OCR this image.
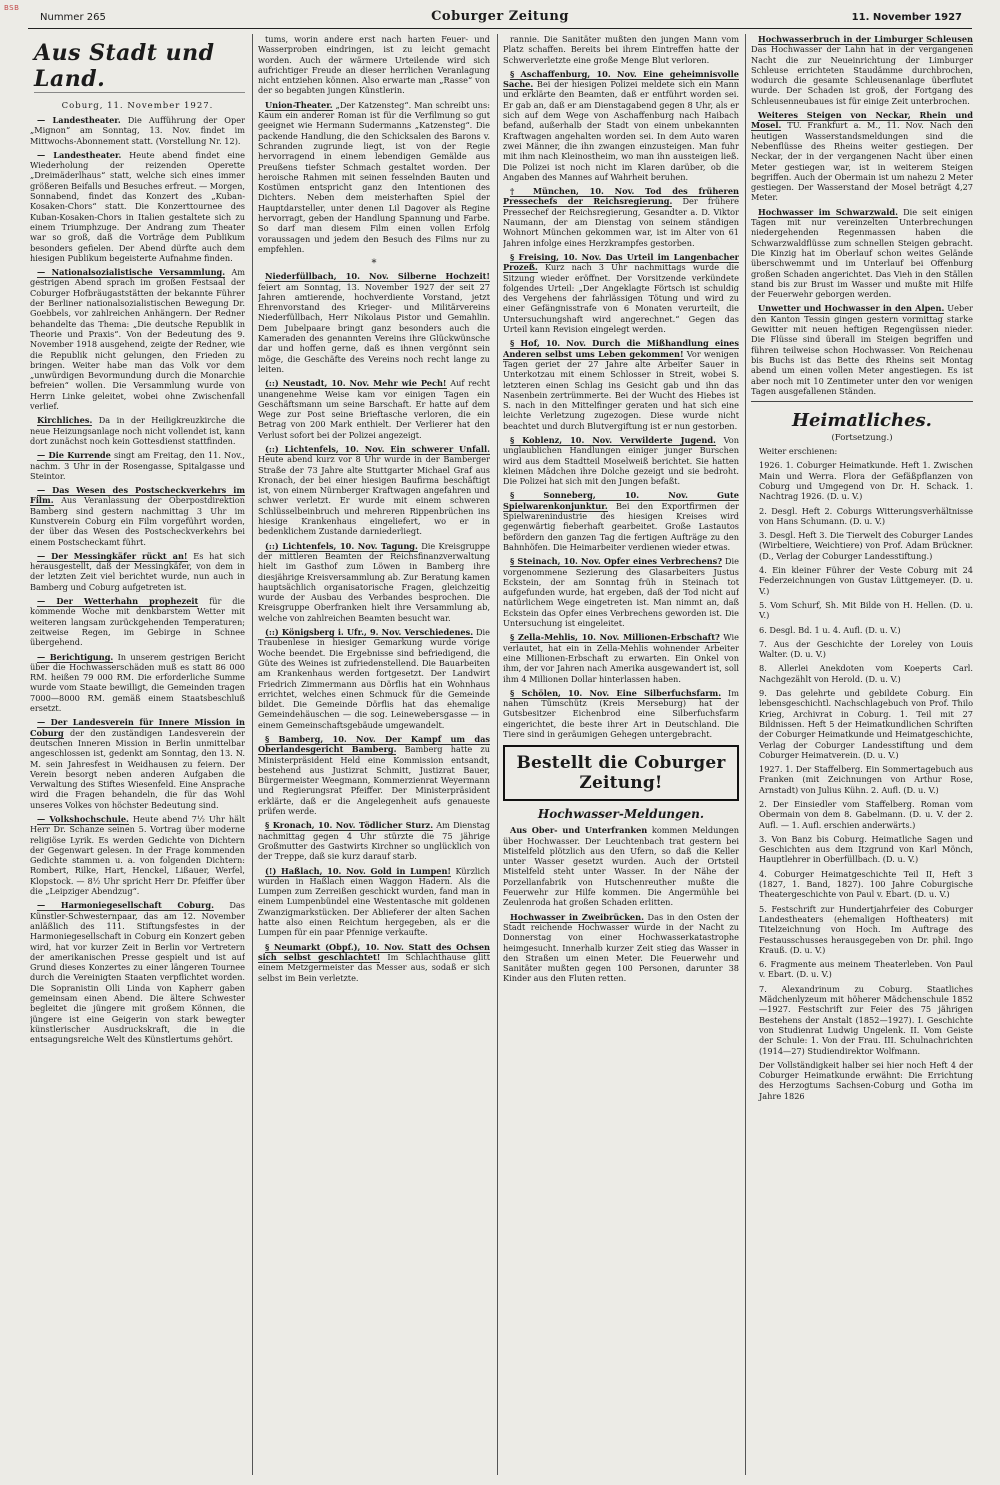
BSB
Nummer 265	Coburger Zeitung	11. November 1927
Aus Stadt und Land.
Coburg, 11. November 1927.

— Landestheater. Die Aufführung der Oper „Mignon“ am Sonntag, 13. Nov. findet im Mittwochs-Abonnement statt. (Vorstellung Nr. 12).

— Landestheater. Heute abend findet eine Wiederholung der reizenden Operette „Dreimäderlhaus“ statt, welche sich eines immer größeren Beifalls und Besuches erfreut. — Morgen, Sonnabend, findet das Konzert des „Kuban-Kosaken-Chors“ statt. Die Konzerttournee des Kuban-Kosaken-Chors in Italien gestaltete sich zu einem Triumphzuge. Der Andrang zum Theater war so groß, daß die Vorträge dem Publikum besonders gefielen. Der Abend dürfte auch dem hiesigen Publikum begeisterte Aufnahme finden.

— Nationalsozialistische Versammlung. Am gestrigen Abend sprach im großen Festsaal der Coburger Hofbräugaststätten der bekannte Führer der Berliner nationalsozialistischen Bewegung Dr. Goebbels, vor zahlreichen Anhängern. Der Redner behandelte das Thema: „Die deutsche Republik in Theorie und Praxis“. Von der Bedeutung des 9. November 1918 ausgehend, zeigte der Redner, wie die Republik nicht gelungen, den Frieden zu bringen. Weiter habe man das Volk vor dem „unwürdigen Bevormundung durch die Monarchie befreien“ wollen. Die Versammlung wurde von Herrn Linke geleitet, wobei ohne Zwischenfall verlief.

Kirchliches. Da in der Heiligkreuzkirche die neue Heizungsanlage noch nicht vollendet ist, kann dort zunächst noch kein Gottesdienst stattfinden.

— Die Kurrende singt am Freitag, den 11. Nov., nachm. 3 Uhr in der Rosengasse, Spitalgasse und Steintor.

— Das Wesen des Postscheckverkehrs im Film. Aus Veranlassung der Oberpostdirektion Bamberg sind gestern nachmittag 3 Uhr im Kunstverein Coburg ein Film vorgeführt worden, der über das Wesen des Postscheckverkehrs bei einem Postscheckamt führt.

— Der Messingkäfer rückt an! Es hat sich herausgestellt, daß der Messingkäfer, von dem in der letzten Zeit viel berichtet wurde, nun auch in Bamberg und Coburg aufgetreten ist.

— Der Wetterhahn prophezeit für die kommende Woche mit denkbarstem Wetter mit weiteren langsam zurückgehenden Temperaturen; zeitweise Regen, im Gebirge in Schnee übergehend.

— Berichtigung. In unserem gestrigen Bericht über die Hochwasserschäden muß es statt 86 000 RM. heißen 79 000 RM. Die erforderliche Summe wurde vom Staate bewilligt, die Gemeinden tragen 7000—8000 RM. gemäß einem Staatsbeschluß ersetzt.

— Der Landesverein für Innere Mission in Coburg der den zuständigen Landesverein der deutschen Inneren Mission in Berlin unmittelbar angeschlossen ist, gedenkt am Sonntag, den 13. N. M. sein Jahresfest in Weidhausen zu feiern. Der Verein besorgt neben anderen Aufgaben die Verwaltung des Stiftes Wiesenfeld. Eine Ansprache wird die Fragen behandeln, die für das Wohl unseres Volkes von höchster Bedeutung sind.

— Volkshochschule. Heute abend 7½ Uhr hält Herr Dr. Schanze seinen 5. Vortrag über moderne religiöse Lyrik. Es werden Gedichte von Dichtern der Gegenwart gelesen. In der Frage kommenden Gedichte stammen u. a. von folgenden Dichtern: Rombert, Rilke, Hart, Henckel, Lißauer, Werfel, Klopstock. — 8½ Uhr spricht Herr Dr. Pfeiffer über die „Leipziger Abendzug“.

— Harmoniegesellschaft Coburg. Das Künstler-Schwesternpaar, das am 12. November anläßlich des 111. Stiftungsfestes in der Harmoniegesellschaft in Coburg ein Konzert geben wird, hat vor kurzer Zeit in Berlin vor Vertretern der amerikanischen Presse gespielt und ist auf Grund dieses Konzertes zu einer längeren Tournee durch die Vereinigten Staaten verpflichtet worden. Die Sopranistin Olli Linda von Kapherr gaben gemeinsam einen Abend. Die ältere Schwester begleitet die jüngere mit großem Können, die jüngere ist eine Geigerin von stark bewegter künstlerischer Ausdruckskraft, die in die entsagungsreiche Welt des Künstlertums gehört.

tums, worin andere erst nach harten Feuer- und Wasserproben eindringen, ist zu leicht gemacht worden. Auch der wärmere Urteilende wird sich aufrichtiger Freude an dieser herrlichen Veranlagung nicht entziehen können. Also erwarte man „Rasse“ von der so begabten jungen Künstlerin.

Union-Theater. „Der Katzensteg“. Man schreibt uns: Kaum ein anderer Roman ist für die Verfilmung so gut geeignet wie Hermann Sudermanns „Katzensteg“. Die packende Handlung, die den Schicksalen des Barons v. Schranden zugrunde liegt, ist von der Regie hervorragend in einem lebendigen Gemälde aus Preußens tiefster Schmach gestaltet worden. Der heroische Rahmen mit seinen fesselnden Bauten und Kostümen entspricht ganz den Intentionen des Dichters. Neben dem meisterhaften Spiel der Hauptdarsteller, unter denen Lil Dagover als Regine hervorragt, geben der Handlung Spannung und Farbe. So darf man diesem Film einen vollen Erfolg voraussagen und jedem den Besuch des Films nur zu empfehlen.

*

Niederfüllbach, 10. Nov. Silberne Hochzeit! feiert am Sonntag, 13. November 1927 der seit 27 Jahren amtierende, hochverdiente Vorstand, jetzt Ehrenvorstand des Krieger- und Militärvereins Niederfüllbach, Herr Nikolaus Pistor und Gemahlin. Dem Jubelpaare bringt ganz besonders auch die Kameraden des genannten Vereins ihre Glückwünsche dar und hoffen gerne, daß es ihnen vergönnt sein möge, die Geschäfte des Vereins noch recht lange zu leiten.

(::) Neustadt, 10. Nov. Mehr wie Pech! Auf recht unangenehme Weise kam vor einigen Tagen ein Geschäftsmann um seine Barschaft. Er hatte auf dem Wege zur Post seine Brieftasche verloren, die ein Betrag von 200 Mark enthielt. Der Verlierer hat den Verlust sofort bei der Polizei angezeigt.

(::) Lichtenfels, 10. Nov. Ein schwerer Unfall. Heute abend kurz vor 8 Uhr wurde in der Bamberger Straße der 73 Jahre alte Stuttgarter Michael Graf aus Kronach, der bei einer hiesigen Baufirma beschäftigt ist, von einem Nürnberger Kraftwagen angefahren und schwer verletzt. Er wurde mit einem schweren Schlüsselbeinbruch und mehreren Rippenbrüchen ins hiesige Krankenhaus eingeliefert, wo er in bedenklichem Zustande darniederliegt.

(::) Lichtenfels, 10. Nov. Tagung. Die Kreisgruppe der mittleren Beamten der Reichsfinanzverwaltung hielt im Gasthof zum Löwen in Bamberg ihre diesjährige Kreisversammlung ab. Zur Beratung kamen hauptsächlich organisatorische Fragen, gleichzeitig wurde der Ausbau des Verbandes besprochen. Die Kreisgruppe Oberfranken hielt ihre Versammlung ab, welche von zahlreichen Beamten besucht war.

(::) Königsberg i. Ufr., 9. Nov. Verschiedenes. Die Traubenlese in hiesiger Gemarkung wurde vorige Woche beendet. Die Ergebnisse sind befriedigend, die Güte des Weines ist zufriedenstellend. Die Bauarbeiten am Krankenhaus werden fortgesetzt. Der Landwirt Friedrich Zimmermann aus Dörflis hat ein Wohnhaus errichtet, welches einen Schmuck für die Gemeinde bildet. Die Gemeinde Dörflis hat das ehemalige Gemeindehäuschen — die sog. Leinewebersgasse — in einem Gemeinschaftsgebäude umgewandelt.

§ Bamberg, 10. Nov. Der Kampf um das Oberlandesgericht Bamberg. Bamberg hatte zu Ministerpräsident Held eine Kommission entsandt, bestehend aus Justizrat Schmitt, Justizrat Bauer, Bürgermeister Weegmann, Kommerzienrat Weyermann und Regierungsrat Pfeiffer. Der Ministerpräsident erklärte, daß er die Angelegenheit aufs genaueste prüfen werde.

§ Kronach, 10. Nov. Tödlicher Sturz. Am Dienstag nachmittag gegen 4 Uhr stürzte die 75 jährige Großmutter des Gastwirts Kirchner so unglücklich von der Treppe, daß sie kurz darauf starb.

(!) Haßlach, 10. Nov. Gold in Lumpen! Kürzlich wurden in Haßlach einen Waggon Hadern. Als die Lumpen zum Zerreißen geschickt wurden, fand man in einem Lumpenbündel eine Westentasche mit goldenen Zwanzigmarkstücken. Der Ablieferer der alten Sachen hatte also einen Reichtum hergegeben, als er die Lumpen für ein paar Pfennige verkaufte.

§ Neumarkt (Obpf.), 10. Nov. Statt des Ochsen sich selbst geschlachtet! Im Schlachthause glitt einem Metzgermeister das Messer aus, sodaß er sich selbst im Bein verletzte.

rannie. Die Sanitäter mußten den jungen Mann vom Platz schaffen. Bereits bei ihrem Eintreffen hatte der Schwerverletzte eine große Menge Blut verloren.

§ Aschaffenburg, 10. Nov. Eine geheimnisvolle Sache. Bei der hiesigen Polizei meldete sich ein Mann und erklärte den Beamten, daß er entführt worden sei. Er gab an, daß er am Dienstagabend gegen 8 Uhr, als er sich auf dem Wege von Aschaffenburg nach Haibach befand, außerhalb der Stadt von einem unbekannten Kraftwagen angehalten worden sei. In dem Auto waren zwei Männer, die ihn zwangen einzusteigen. Man fuhr mit ihm nach Kleinostheim, wo man ihn aussteigen ließ. Die Polizei ist noch nicht im Klaren darüber, ob die Angaben des Mannes auf Wahrheit beruhen.

† München, 10. Nov. Tod des früheren Pressechefs der Reichsregierung. Der frühere Pressechef der Reichsregierung, Gesandter a. D. Viktor Naumann, der am Dienstag von seinem ständigen Wohnort München gekommen war, ist im Alter von 61 Jahren infolge eines Herzkrampfes gestorben.

§ Freising, 10. Nov. Das Urteil im Langenbacher Prozeß. Kurz nach 3 Uhr nachmittags wurde die Sitzung wieder eröffnet. Der Vorsitzende verkündete folgendes Urteil: „Der Angeklagte Förtsch ist schuldig des Vergehens der fahrlässigen Tötung und wird zu einer Gefängnisstrafe von 6 Monaten verurteilt, die Untersuchungshaft wird angerechnet.“ Gegen das Urteil kann Revision eingelegt werden.

§ Hof, 10. Nov. Durch die Mißhandlung eines Anderen selbst ums Leben gekommen! Vor wenigen Tagen geriet der 27 Jahre alte Arbeiter Sauer in Unterkotzau mit einem Schlosser in Streit, wobei S. letzteren einen Schlag ins Gesicht gab und ihn das Nasenbein zertrümmerte. Bei der Wucht des Hiebes ist S. nach in den Mittelfinger geraten und hat sich eine leichte Verletzung zugezogen. Diese wurde nicht beachtet und durch Blutvergiftung ist er nun gestorben.

§ Koblenz, 10. Nov. Verwilderte Jugend. Von unglaublichen Handlungen einiger junger Burschen wird aus dem Stadtteil Moselweiß berichtet. Sie hatten kleinen Mädchen ihre Dolche gezeigt und sie bedroht. Die Polizei hat sich mit den Jungen befaßt.

§ Sonneberg, 10. Nov. Gute Spielwarenkonjunktur. Bei den Exportfirmen der Spielwarenindustrie des hiesigen Kreises wird gegenwärtig fieberhaft gearbeitet. Große Lastautos befördern den ganzen Tag die fertigen Aufträge zu den Bahnhöfen. Die Heimarbeiter verdienen wieder etwas.

§ Steinach, 10. Nov. Opfer eines Verbrechens? Die vorgenommene Sezierung des Glasarbeiters Justus Eckstein, der am Sonntag früh in Steinach tot aufgefunden wurde, hat ergeben, daß der Tod nicht auf natürlichem Wege eingetreten ist. Man nimmt an, daß Eckstein das Opfer eines Verbrechens geworden ist. Die Untersuchung ist eingeleitet.

§ Zella-Mehlis, 10. Nov. Millionen-Erbschaft? Wie verlautet, hat ein in Zella-Mehlis wohnender Arbeiter eine Millionen-Erbschaft zu erwarten. Ein Onkel von ihm, der vor Jahren nach Amerika ausgewandert ist, soll ihm 4 Millionen Dollar hinterlassen haben.

§ Schölen, 10. Nov. Eine Silberfuchsfarm. Im nahen Tümschütz (Kreis Merseburg) hat der Gutsbesitzer Eichenbrod eine Silberfuchsfarm eingerichtet, die beste ihrer Art in Deutschland. Die Tiere sind in geräumigen Gehegen untergebracht.

Bestellt die Coburger Zeitung!
Hochwasser-Meldungen.

Aus Ober- und Unterfranken kommen Meldungen über Hochwasser. Der Leuchtenbach trat gestern bei Mistelfeld plötzlich aus den Ufern, so daß die Keller unter Wasser gesetzt wurden. Auch der Ortsteil Mistelfeld steht unter Wasser. In der Nähe der Porzellanfabrik von Hutschenreuther mußte die Feuerwehr zur Hilfe kommen. Die Angermühle bei Zeulenroda hat großen Schaden erlitten.

Hochwasser in Zweibrücken. Das in den Osten der Stadt reichende Hochwasser wurde in der Nacht zu Donnerstag von einer Hochwasserkatastrophe heimgesucht. Innerhalb kurzer Zeit stieg das Wasser in den Straßen um einen Meter. Die Feuerwehr und Sanitäter mußten gegen 100 Personen, darunter 38 Kinder aus den Fluten retten.

Hochwasserbruch in der Limburger Schleusen Das Hochwasser der Lahn hat in der vergangenen Nacht die zur Neueinrichtung der Limburger Schleuse errichteten Staudämme durchbrochen, wodurch die gesamte Schleusenanlage überflutet wurde. Der Schaden ist groß, der Fortgang des Schleusenneubaues ist für einige Zeit unterbrochen.

Weiteres Steigen von Neckar, Rhein und Mosel. TU. Frankfurt a. M., 11. Nov. Nach den heutigen Wasserstandsmeldungen sind die Nebenflüsse des Rheins weiter gestiegen. Der Neckar, der in der vergangenen Nacht über einen Meter gestiegen war, ist in weiterem Steigen begriffen. Auch der Obermain ist um nahezu 2 Meter gestiegen. Der Wasserstand der Mosel beträgt 4,27 Meter.

Hochwasser im Schwarzwald. Die seit einigen Tagen mit nur vereinzelten Unterbrechungen niedergehenden Regenmassen haben die Schwarzwaldflüsse zum schnellen Steigen gebracht. Die Kinzig hat im Oberlauf schon weites Gelände überschwemmt und im Unterlauf bei Offenburg großen Schaden angerichtet. Das Vieh in den Ställen stand bis zur Brust im Wasser und mußte mit Hilfe der Feuerwehr geborgen werden.

Unwetter und Hochwasser in den Alpen. Ueber den Kanton Tessin gingen gestern vormittag starke Gewitter mit neuen heftigen Regengüssen nieder. Die Flüsse sind überall im Steigen begriffen und führen teilweise schon Hochwasser. Von Reichenau bis Buchs ist das Bette des Rheins seit Montag abend um einen vollen Meter angestiegen. Es ist aber noch mit 10 Zentimeter unter den vor wenigen Tagen ausgefallenen Ständen.

Heimatliches.
(Fortsetzung.)

Weiter erschienen:

1926. 1. Coburger Heimatkunde. Heft 1. Zwischen Main und Werra. Flora der Gefäßpflanzen von Coburg und Umgegend von Dr. H. Schack. 1. Nachtrag 1926. (D. u. V.)

2. Desgl. Heft 2. Coburgs Witterungsverhältnisse von Hans Schumann. (D. u. V.)

3. Desgl. Heft 3. Die Tierwelt des Coburger Landes (Wirbeltiere, Weichtiere) von Prof. Adam Brückner. (D., Verlag der Coburger Landesstiftung.)

4. Ein kleiner Führer der Veste Coburg mit 24 Federzeichnungen von Gustav Lüttgemeyer. (D. u. V.)

5. Vom Schurf, Sh. Mit Bilde von H. Hellen. (D. u. V.)

6. Desgl. Bd. 1 u. 4. Aufl. (D. u. V.)

7. Aus der Geschichte der Loreley von Louis Walter. (D. u. V.)

8. Allerlei Anekdoten vom Koeperts Carl. Nachgezählt von Herold. (D. u. V.)

9. Das gelehrte und gebildete Coburg. Ein lebensgeschichtl. Nachschlagebuch von Prof. Thilo Krieg, Archivrat in Coburg. 1. Teil mit 27 Bildnissen. Heft 5 der Heimatkundlichen Schriften der Coburger Heimatkunde und Heimatgeschichte, Verlag der Coburger Landesstiftung und dem Coburger Heimatverein. (D. u. V.)

1927. 1. Der Staffelberg. Ein Sommertagebuch aus Franken (mit Zeichnungen von Arthur Rose, Arnstadt) von Julius Kühn. 2. Aufl. (D. u. V.)

2. Der Einsiedler vom Staffelberg. Roman vom Obermain von dem 8. Gabelmann. (D. u. V. der 2. Aufl. — 1. Aufl. erschien anderwärts.)

3. Von Banz bis Coburg. Heimatliche Sagen und Geschichten aus dem Itzgrund von Karl Mönch, Hauptlehrer in Oberfüllbach. (D. u. V.)

4. Coburger Heimatgeschichte Teil II, Heft 3 (1827, 1. Band, 1827). 100 Jahre Coburgische Theatergeschichte von Paul v. Ebart. (D. u. V.)

5. Festschrift zur Hundertjahrfeier des Coburger Landestheaters (ehemaligen Hoftheaters) mit Titelzeichnung von Hoch. Im Auftrage des Festausschusses herausgegeben von Dr. phil. Ingo Krauß. (D. u. V.)

6. Fragmente aus meinem Theaterleben. Von Paul v. Ebart. (D. u. V.)

7. Alexandrinum zu Coburg. Staatliches Mädchenlyzeum mit höherer Mädchenschule 1852—1927. Festschrift zur Feier des 75 jährigen Bestehens der Anstalt (1852—1927). I. Geschichte von Studienrat Ludwig Ungelenk. II. Vom Geiste der Schule: 1. Von der Frau. III. Schulnachrichten (1914—27) Studiendirektor Wolfmann.

Der Vollständigkeit halber sei hier noch Heft 4 der Coburger Heimatkunde erwähnt: Die Errichtung des Herzogtums Sachsen-Coburg und Gotha im Jahre 1826
